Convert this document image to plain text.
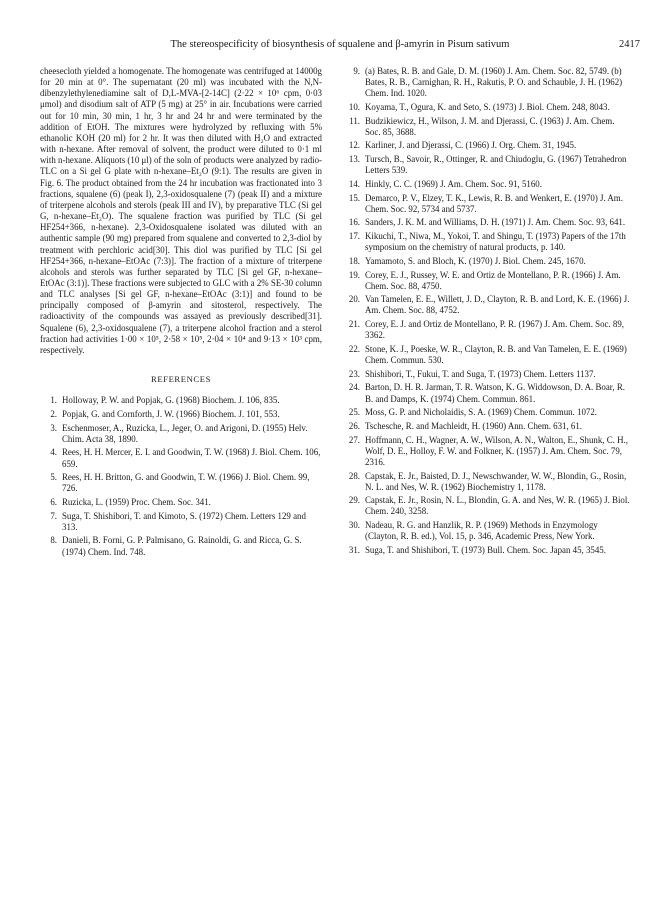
The stereospecificity of biosynthesis of squalene and β-amyrin in Pisum sativum	2417

cheesecloth yielded a homogenate. The homogenate was centrifuged at 14000g for 20 min at 0°. The supernatant (20 ml) was incubated with the N,N-dibenzylethylenediamine salt of D,L-MVA-[2-14C] (2·22 × 10⁶ cpm, 0·03 μmol) and disodium salt of ATP (5 mg) at 25° in air. Incubations were carried out for 10 min, 30 min, 1 hr, 3 hr and 24 hr and were terminated by the addition of EtOH. The mixtures were hydrolyzed by refluxing with 5% ethanolic KOH (20 ml) for 2 hr. It was then diluted with H₂O and extracted with n-hexane. After removal of solvent, the product were diluted to 0·1 ml with n-hexane. Aliquots (10 μl) of the soln of products were analyzed by radio-TLC on a Si gel G plate with n-hexane–Et₂O (9:1). The results are given in Fig. 6. The product obtained from the 24 hr incubation was fractionated into 3 fractions, squalene (6) (peak I), 2,3-oxidosqualene (7) (peak II) and a mixture of triterpene alcohols and sterols (peak III and IV), by preparative TLC (Si gel G, n-hexane–Et₂O). The squalene fraction was purified by TLC (Si gel HF254+366, n-hexane). 2,3-Oxidosqualene isolated was diluted with an authentic sample (90 mg) prepared from squalene and converted to 2,3-diol by treatment with perchloric acid[30]. This diol was purified by TLC [Si gel HF254+366, n-hexane–EtOAc (7:3)]. The fraction of a mixture of triterpene alcohols and sterols was further separated by TLC [Si gel GF, n-hexane–EtOAc (3:1)]. These fractions were subjected to GLC with a 2% SE-30 column and TLC analyses [Si gel GF, n-hexane–EtOAc (3:1)] and found to be principally composed of β-amyrin and sitosterol, respectively. The radioactivity of the compounds was assayed as previously described[31]. Squalene (6), 2,3-oxidosqualene (7), a triterpene alcohol fraction and a sterol fraction had activities 1·00 × 10⁵, 2·58 × 10⁵, 2·04 × 10⁴ and 9·13 × 10³ cpm, respectively.

REFERENCES
1. Holloway, P. W. and Popjak, G. (1968) Biochem. J. 106, 835.
2. Popjak, G. and Cornforth, J. W. (1966) Biochem. J. 101, 553.
3. Eschenmoser, A., Ruzicka, L., Jeger, O. and Arigoni, D. (1955) Helv. Chim. Acta 38, 1890.
4. Rees, H. H. Mercer, E. I. and Goodwin, T. W. (1968) J. Biol. Chem. 106, 659.
5. Rees, H. H. Britton, G. and Goodwin, T. W. (1966) J. Biol. Chem. 99, 726.
6. Ruzicka, L. (1959) Proc. Chem. Soc. 341.
7. Suga, T. Shishibori, T. and Kimoto, S. (1972) Chem. Letters 129 and 313.
8. Danieli, B. Forni, G. P. Palmisano, G. Rainoldi, G. and Ricca, G. S. (1974) Chem. Ind. 748.
9. (a) Bates, R. B. and Gale, D. M. (1960) J. Am. Chem. Soc. 82, 5749. (b) Bates, R. B., Carnighan, R. H., Rakutis, P. O. and Schauble, J. H. (1962) Chem. Ind. 1020.
10. Koyama, T., Ogura, K. and Seto, S. (1973) J. Biol. Chem. 248, 8043.
11. Budzikiewicz, H., Wilson, J. M. and Djerassi, C. (1963) J. Am. Chem. Soc. 85, 3688.
12. Karliner, J. and Djerassi, C. (1966) J. Org. Chem. 31, 1945.
13. Tursch, B., Savoir, R., Ottinger, R. and Chiudoglu, G. (1967) Tetrahedron Letters 539.
14. Hinkly, C. C. (1969) J. Am. Chem. Soc. 91, 5160.
15. Demarco, P. V., Elzey, T. K., Lewis, R. B. and Wenkert, E. (1970) J. Am. Chem. Soc. 92, 5734 and 5737.
16. Sanders, J. K. M. and Williams, D. H. (1971) J. Am. Chem. Soc. 93, 641.
17. Kikuchi, T., Niwa, M., Yokoi, T. and Shingu, T. (1973) Papers of the 17th symposium on the chemistry of natural products, p. 140.
18. Yamamoto, S. and Bloch, K. (1970) J. Biol. Chem. 245, 1670.
19. Corey, E. J., Russey, W. E. and Ortiz de Montellano, P. R. (1966) J. Am. Chem. Soc. 88, 4750.
20. Van Tamelen, E. E., Willett, J. D., Clayton, R. B. and Lord, K. E. (1966) J. Am. Chem. Soc. 88, 4752.
21. Corey, E. J. and Ortiz de Montellano, P. R. (1967) J. Am. Chem. Soc. 89, 3362.
22. Stone, K. J., Poeske, W. R., Clayton, R. B. and Van Tamelen, E. E. (1969) Chem. Commun. 530.
23. Shishibori, T., Fukui, T. and Suga, T. (1973) Chem. Letters 1137.
24. Barton, D. H. R. Jarman, T. R. Watson, K. G. Widdowson, D. A. Boar, R. B. and Damps, K. (1974) Chem. Commun. 861.
25. Moss, G. P. and Nicholaidis, S. A. (1969) Chem. Commun. 1072.
26. Tschesche, R. and Machleidt, H. (1960) Ann. Chem. 631, 61.
27. Hoffmann, C. H., Wagner, A. W., Wilson, A. N., Walton, E., Shunk, C. H., Wolf, D. E., Holloy, F. W. and Folkner, K. (1957) J. Am. Chem. Soc. 79, 2316.
28. Capstak, E. Jr., Baisted, D. J., Newschwander, W. W., Blondin, G., Rosin, N. L. and Nes, W. R. (1962) Biochemistry 1, 1178.
29. Capstak, E. Jr., Rosin, N. L., Blondin, G. A. and Nes, W. R. (1965) J. Biol. Chem. 240, 3258.
30. Nadeau, R. G. and Hanzlik, R. P. (1969) Methods in Enzymology (Clayton, R. B. ed.), Vol. 15, p. 346, Academic Press, New York.
31. Suga, T. and Shishibori, T. (1973) Bull. Chem. Soc. Japan 45, 3545.
